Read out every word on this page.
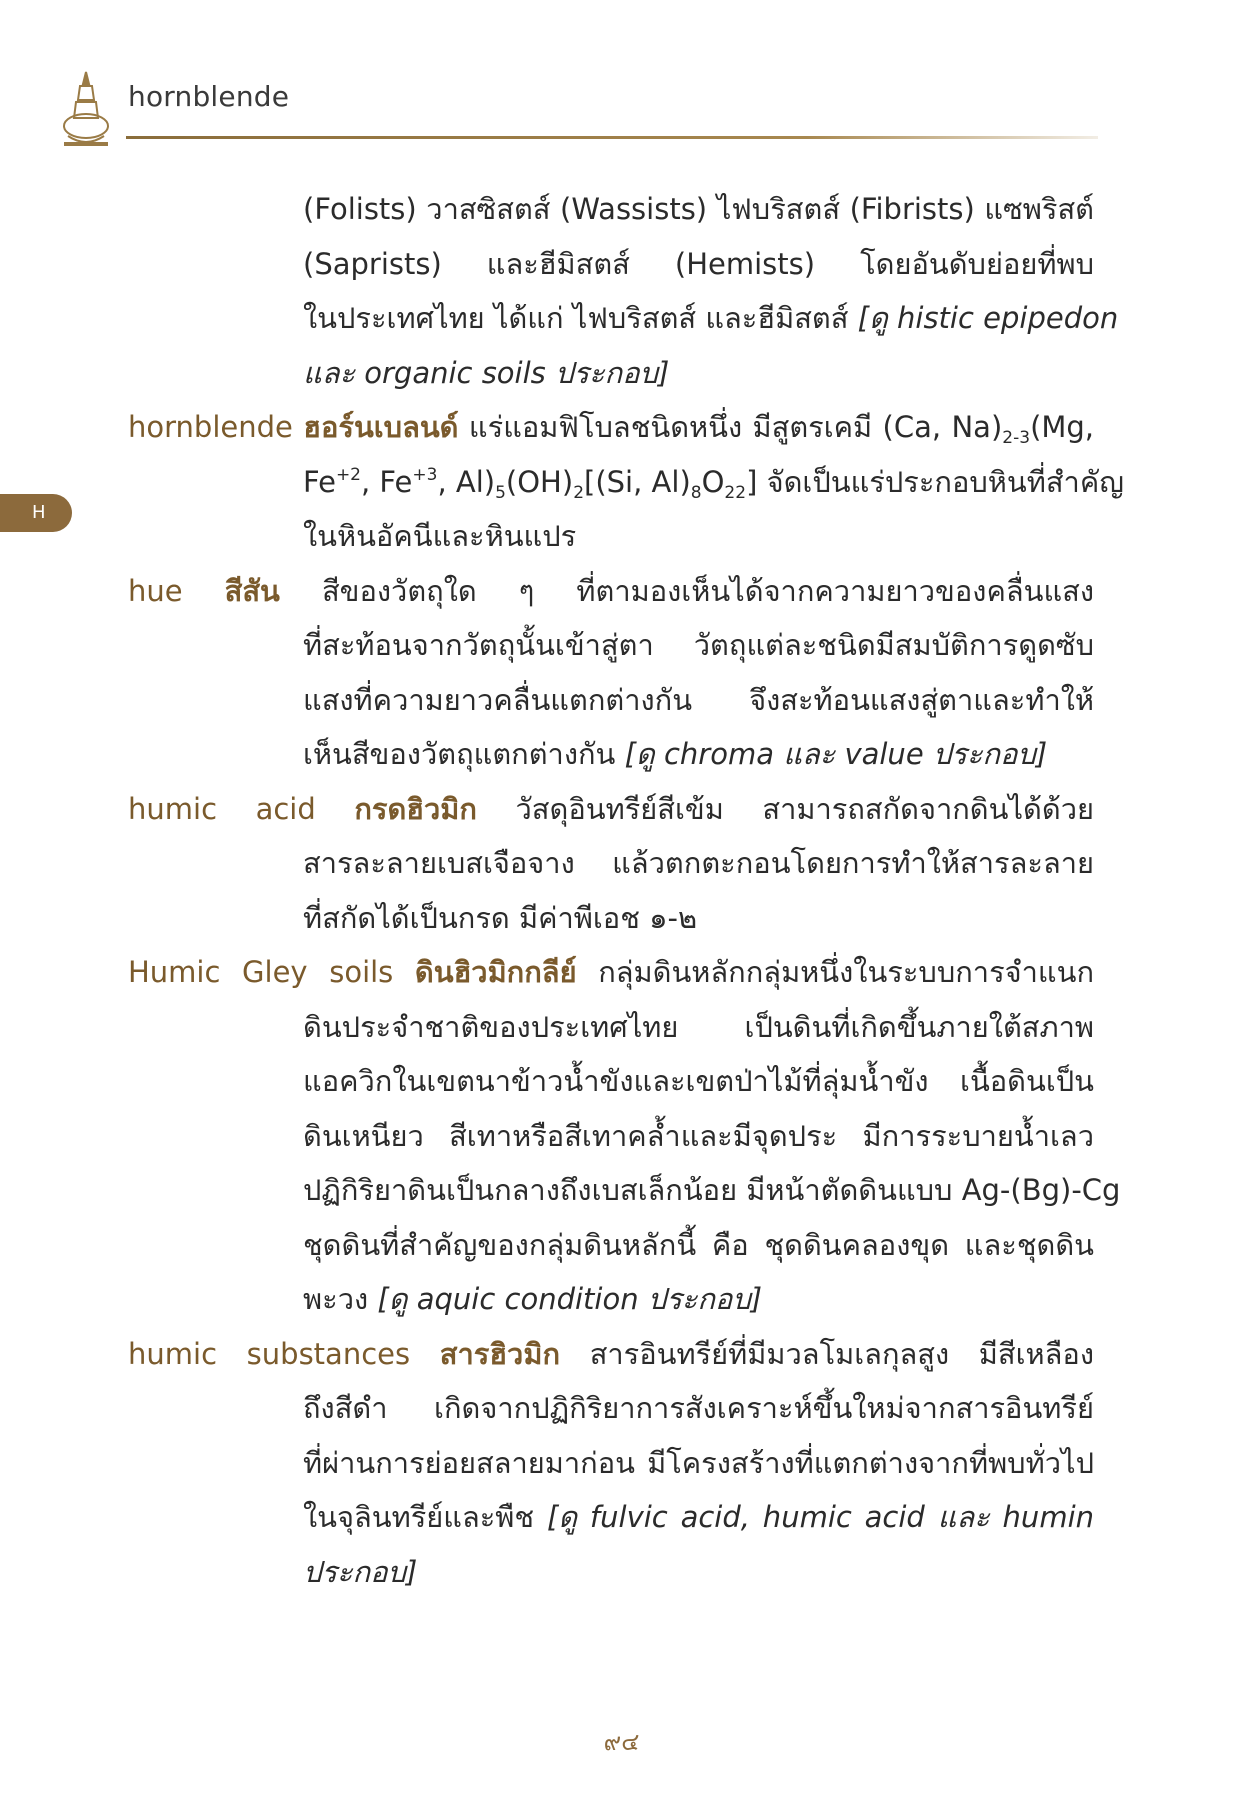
hornblende
H
(Folists) วาสซิสตส์ (Wassists) ไฟบริสตส์ (Fibrists) แซพริสต์
(Saprists) และฮีมิสตส์ (Hemists) โดยอันดับย่อยที่พบ
ในประเทศไทย ได้แก่ ไฟบริสตส์ และฮีมิสตส์ [ดู histic epipedon
และ organic soils ประกอบ]
hornblende ฮอร์นเบลนด์ แร่แอมฟิโบลชนิดหนึ่ง มีสูตรเคมี (Ca, $Na)_{2-3}(Mg$,
$Fe^{+2}$, $Fe^{+3}$, $Al)_5(OH)_2[(Si$, $Al)_8O_{22}$] จัดเป็นแร่ประกอบหินที่สำคัญ
ในหินอัคนีและหินแปร
hue สีสัน สีของวัตถุใด ๆ ที่ตามองเห็นได้จากความยาวของคลื่นแสง
ที่สะท้อนจากวัตถุนั้นเข้าสู่ตา วัตถุแต่ละชนิดมีสมบัติการดูดซับ
แสงที่ความยาวคลื่นแตกต่างกัน จึงสะท้อนแสงสู่ตาและทำให้
เห็นสีของวัตถุแตกต่างกัน [ดู chroma และ value ประกอบ]
humic acid กรดฮิวมิก วัสดุอินทรีย์สีเข้ม สามารถสกัดจากดินได้ด้วย
สารละลายเบสเจือจาง แล้วตกตะกอนโดยการทำให้สารละลาย
ที่สกัดได้เป็นกรด มีค่าพีเอช ๑-๒
Humic Gley soils ดินฮิวมิกกลีย์ กลุ่มดินหลักกลุ่มหนึ่งในระบบการจำแนก
ดินประจำชาติของประเทศไทย เป็นดินที่เกิดขึ้นภายใต้สภาพ
แอควิกในเขตนาข้าวน้ำขังและเขตป่าไม้ที่ลุ่มน้ำขัง เนื้อดินเป็น
ดินเหนียว สีเทาหรือสีเทาคล้ำและมีจุดประ มีการระบายน้ำเลว
ปฏิกิริยาดินเป็นกลางถึงเบสเล็กน้อย มีหน้าตัดดินแบบ Ag-(Bg)-Cg
ชุดดินที่สำคัญของกลุ่มดินหลักนี้ คือ ชุดดินคลองขุด และชุดดิน
พะวง [ดู aquic condition ประกอบ]
humic substances สารฮิวมิก สารอินทรีย์ที่มีมวลโมเลกุลสูง มีสีเหลือง
ถึงสีดำ เกิดจากปฏิกิริยาการสังเคราะห์ขึ้นใหม่จากสารอินทรีย์
ที่ผ่านการย่อยสลายมาก่อน มีโครงสร้างที่แตกต่างจากที่พบทั่วไป
ในจุลินทรีย์และพืช [ดู fulvic acid, humic acid และ humin
ประกอบ]
๙๔
